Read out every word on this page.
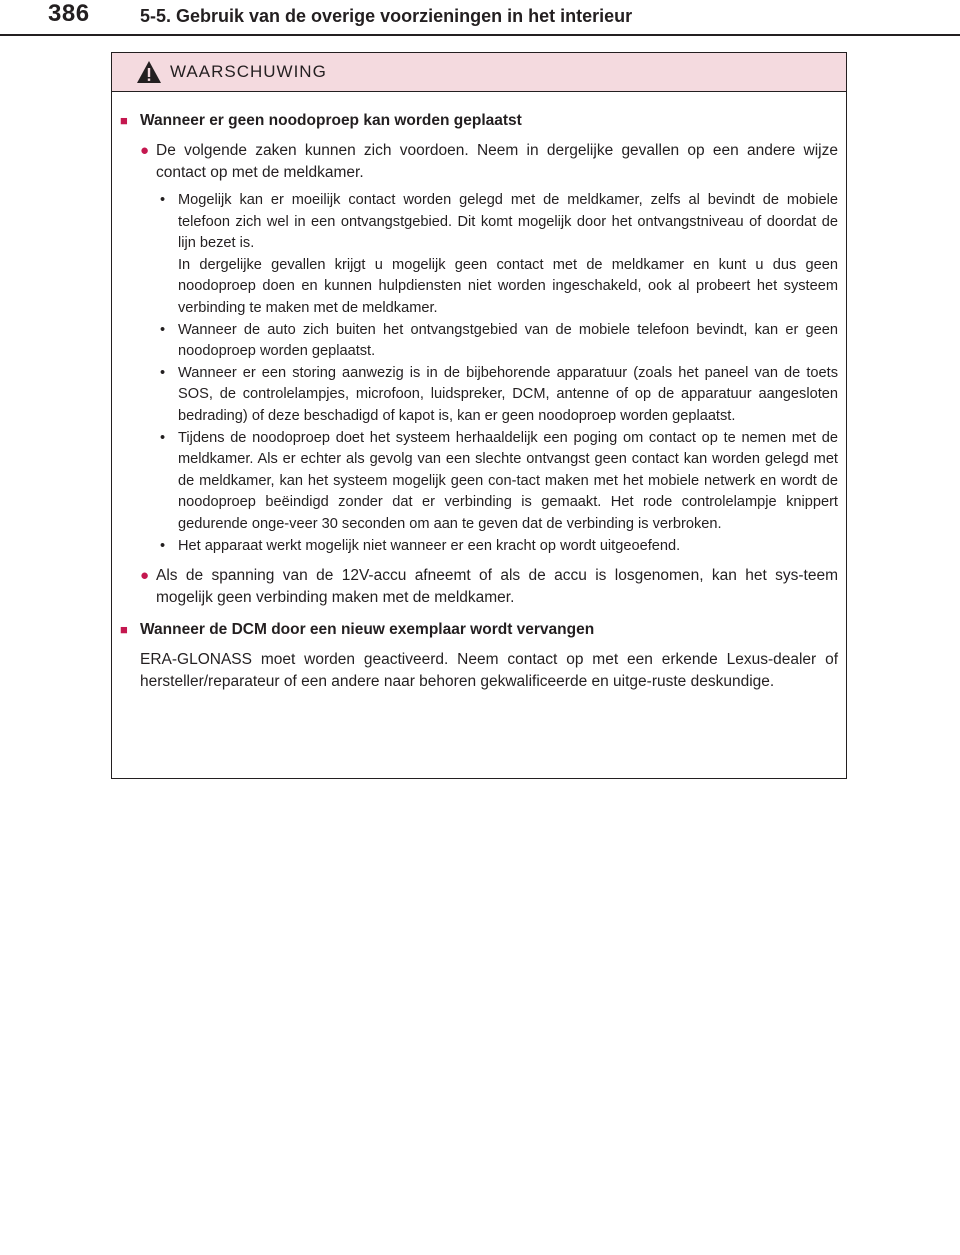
386	5-5. Gebruik van de overige voorzieningen in het interieur
WAARSCHUWING
■ Wanneer er geen noodoproep kan worden geplaatst
● De volgende zaken kunnen zich voordoen. Neem in dergelijke gevallen op een andere wijze contact op met de meldkamer.
• Mogelijk kan er moeilijk contact worden gelegd met de meldkamer, zelfs al bevindt de mobiele telefoon zich wel in een ontvangstgebied. Dit komt mogelijk door het ontvangstniveau of doordat de lijn bezet is.
In dergelijke gevallen krijgt u mogelijk geen contact met de meldkamer en kunt u dus geen noodoproep doen en kunnen hulpdiensten niet worden ingeschakeld, ook al probeert het systeem verbinding te maken met de meldkamer.
• Wanneer de auto zich buiten het ontvangstgebied van de mobiele telefoon bevindt, kan er geen noodoproep worden geplaatst.
• Wanneer er een storing aanwezig is in de bijbehorende apparatuur (zoals het paneel van de toets SOS, de controlelampjes, microfoon, luidspreker, DCM, antenne of op de apparatuur aangesloten bedrading) of deze beschadigd of kapot is, kan er geen noodoproep worden geplaatst.
• Tijdens de noodoproep doet het systeem herhaaldelijk een poging om contact op te nemen met de meldkamer. Als er echter als gevolg van een slechte ontvangst geen contact kan worden gelegd met de meldkamer, kan het systeem mogelijk geen con-tact maken met het mobiele netwerk en wordt de noodoproep beëindigd zonder dat er verbinding is gemaakt. Het rode controlelampje knippert gedurende onge-veer 30 seconden om aan te geven dat de verbinding is verbroken.
• Het apparaat werkt mogelijk niet wanneer er een kracht op wordt uitgeoefend.
● Als de spanning van de 12V-accu afneemt of als de accu is losgenomen, kan het sys-teem mogelijk geen verbinding maken met de meldkamer.
■ Wanneer de DCM door een nieuw exemplaar wordt vervangen
ERA-GLONASS moet worden geactiveerd. Neem contact op met een erkende Lexus-dealer of hersteller/reparateur of een andere naar behoren gekwalificeerde en uitge-ruste deskundige.
